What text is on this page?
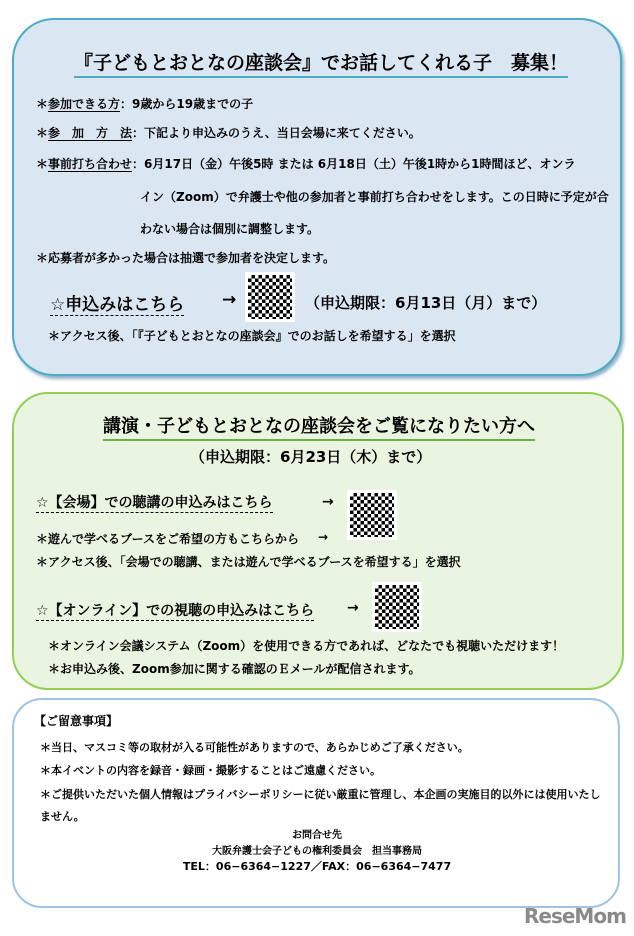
『子どもとおとなの座談会』でお話してくれる子　募集！
＊参加できる方：9歳から19歳までの子
＊参　加　方　法：下記より申込みのうえ、当日会場に来てください。
＊事前打ち合わせ：6月17日（金）午後5時 または 6月18日（土）午後1時から1時間ほど、オンラ
イン（Zoom）で弁護士や他の参加者と事前打ち合わせをします。この日時に予定が合
わない場合は個別に調整します。
＊応募者が多かった場合は抽選で参加者を決定します。
☆申込みはこちら →	（申込期限：6月13日（月）まで）
＊アクセス後、「『子どもとおとなの座談会』でのお話しを希望する」を選択
講演・子どもとおとなの座談会をご覧になりたい方へ
（申込期限：6月23日（木）まで）
☆【会場】での聴講の申込みはこちら	→
＊遊んで学べるブースをご希望の方もこちらから →
＊アクセス後、「会場での聴講、または遊んで学べるブースを希望する」を選択
☆【オンライン】での視聴の申込みはこちら →
＊オンライン会議システム（Zoom）を使用できる方であれば、どなたでも視聴いただけます！
＊お申込み後、Zoom参加に関する確認のＥメールが配信されます。
【ご留意事項】
＊当日、マスコミ等の取材が入る可能性がありますので、あらかじめご了承ください。
＊本イベントの内容を録音・録画・撮影することはご遠慮ください。
＊ご提供いただいた個人情報はプライバシーポリシーに従い厳重に管理し、本企画の実施目的以外には使用いたし
ません。
お問合せ先
大阪弁護士会子どもの権利委員会　担当事務局
TEL：06−6364−1227／FAX：06−6364−7477
ReseMom
